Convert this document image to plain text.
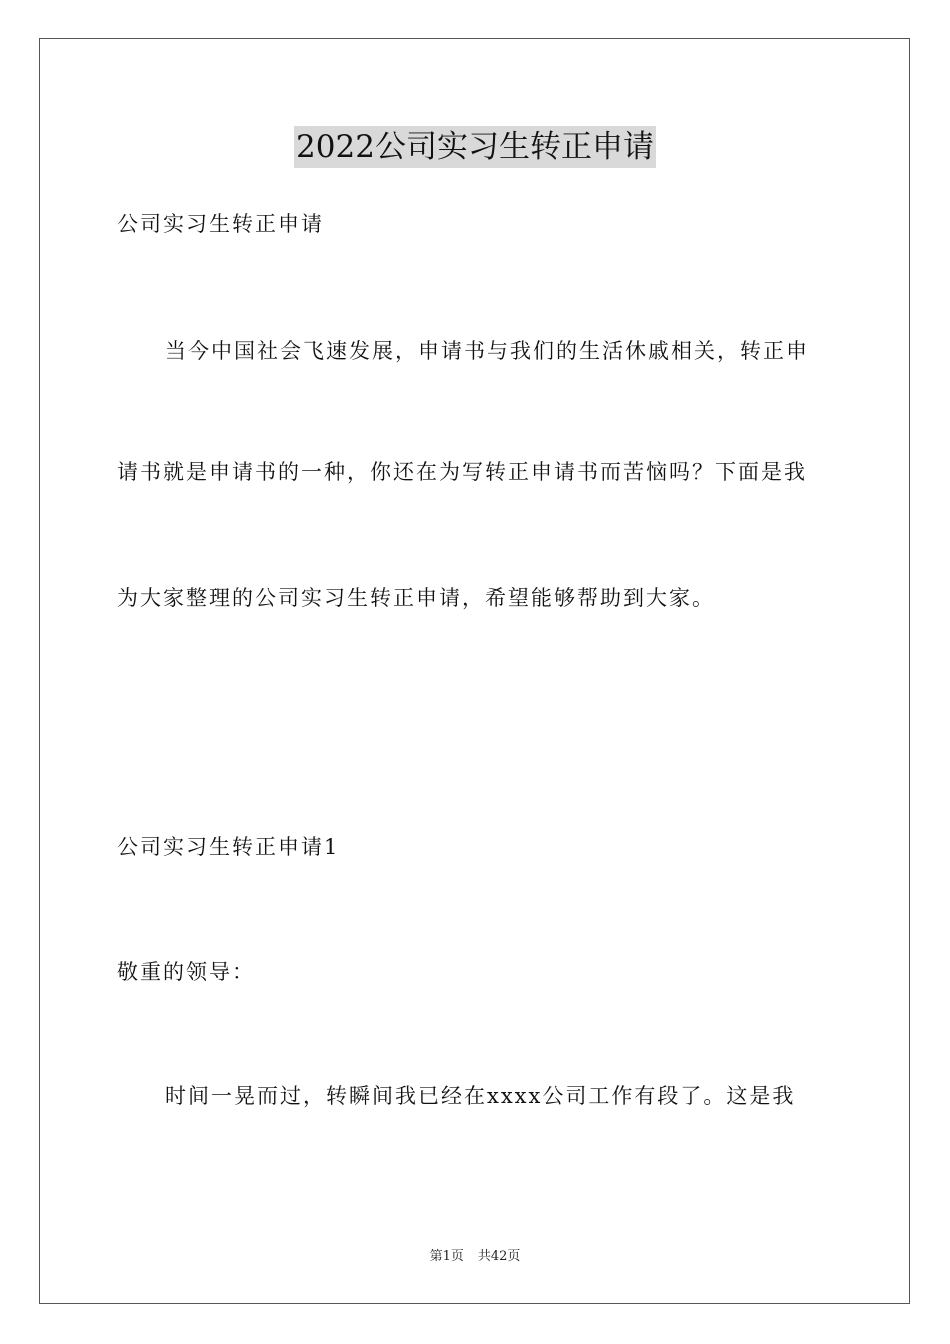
2022公司实习生转正申请
公司实习生转正申请
当今中国社会飞速发展，申请书与我们的生活休戚相关，转正申
请书就是申请书的一种，你还在为写转正申请书而苦恼吗？下面是我
为大家整理的公司实习生转正申请，希望能够帮助到大家。
公司实习生转正申请1
敬重的领导：
时间一晃而过，转瞬间我已经在xxxx公司工作有段了。这是我
第1页 共42页
